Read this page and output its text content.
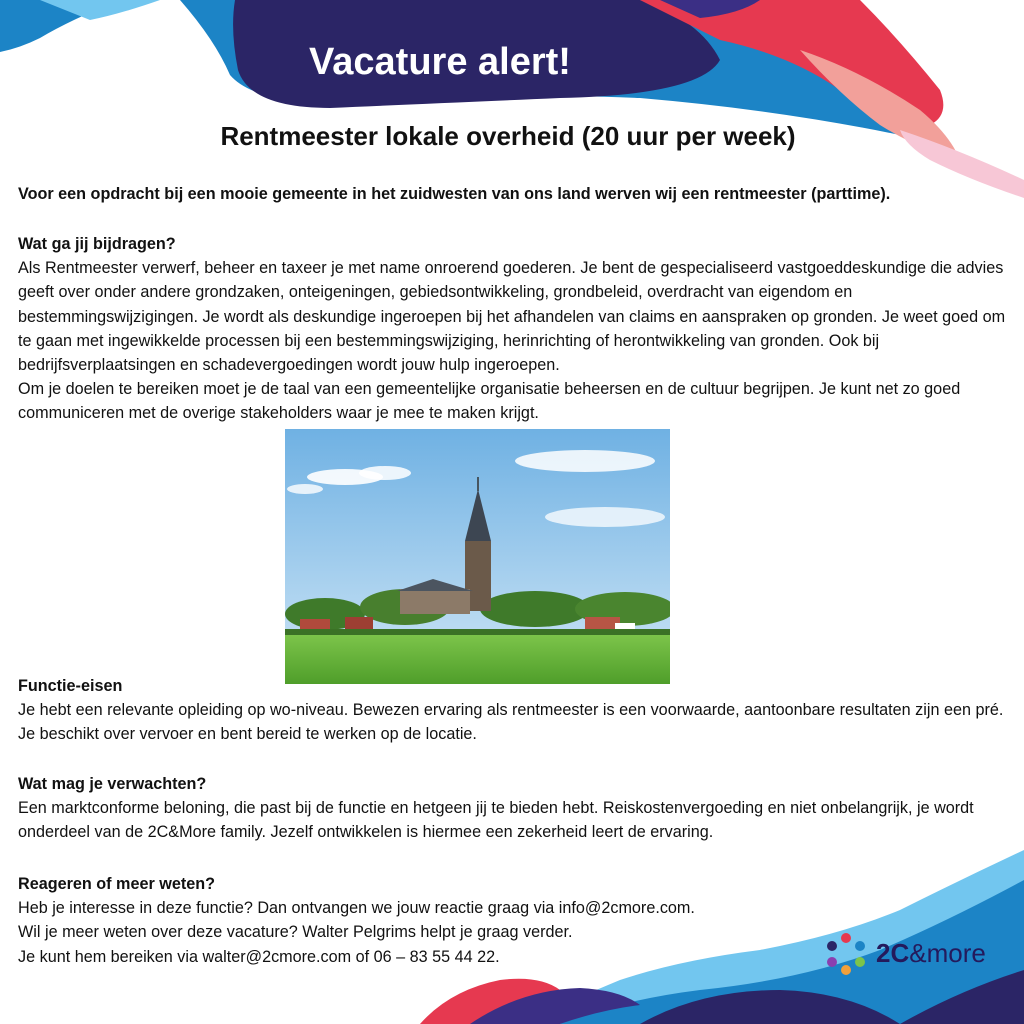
Vacature alert!
Rentmeester lokale overheid (20 uur per week)
Voor een opdracht bij een mooie gemeente in het zuidwesten van ons land werven wij een rentmeester (parttime).

Wat ga jij bijdragen?

Als Rentmeester verwerf, beheer en taxeer je met name onroerend goederen. Je bent de gespecialiseerd vastgoeddeskundige die advies geeft over onder andere grondzaken, onteigeningen, gebiedsontwikkeling, grondbeleid, overdracht van eigendom en bestemmingswijzigingen. Je wordt als deskundige ingeroepen bij het afhandelen van claims en aanspraken op gronden. Je weet goed om te gaan met ingewikkelde processen bij een bestemmingswijziging, herinrichting of herontwikkeling van gronden. Ook bij bedrijfsverplaatsingen en schadevergoedingen wordt jouw hulp ingeroepen.

Om je doelen te bereiken moet je de taal van een gemeentelijke organisatie beheersen en de cultuur begrijpen. Je kunt net zo goed communiceren met de overige stakeholders waar je mee te maken krijgt.

Functie-eisen

Je hebt een relevante opleiding op wo-niveau. Bewezen ervaring als rentmeester is een voorwaarde, aantoonbare resultaten zijn een pré. Je beschikt over vervoer en bent bereid te werken op de locatie.

Wat mag je verwachten?

Een marktconforme beloning, die past bij de functie en hetgeen jij te bieden hebt. Reiskostenvergoeding en niet onbelangrijk, je wordt onderdeel van de 2C&More family. Jezelf ontwikkelen is hiermee een zekerheid leert de ervaring.

Reageren of meer weten?

Heb je interesse in deze functie? Dan ontvangen we jouw reactie graag via info@2cmore.com.

Wil je meer weten over deze vacature? Walter Pelgrims helpt je graag verder.

Je kunt hem bereiken via walter@2cmore.com of 06 – 83 55 44 22.	2C&more
